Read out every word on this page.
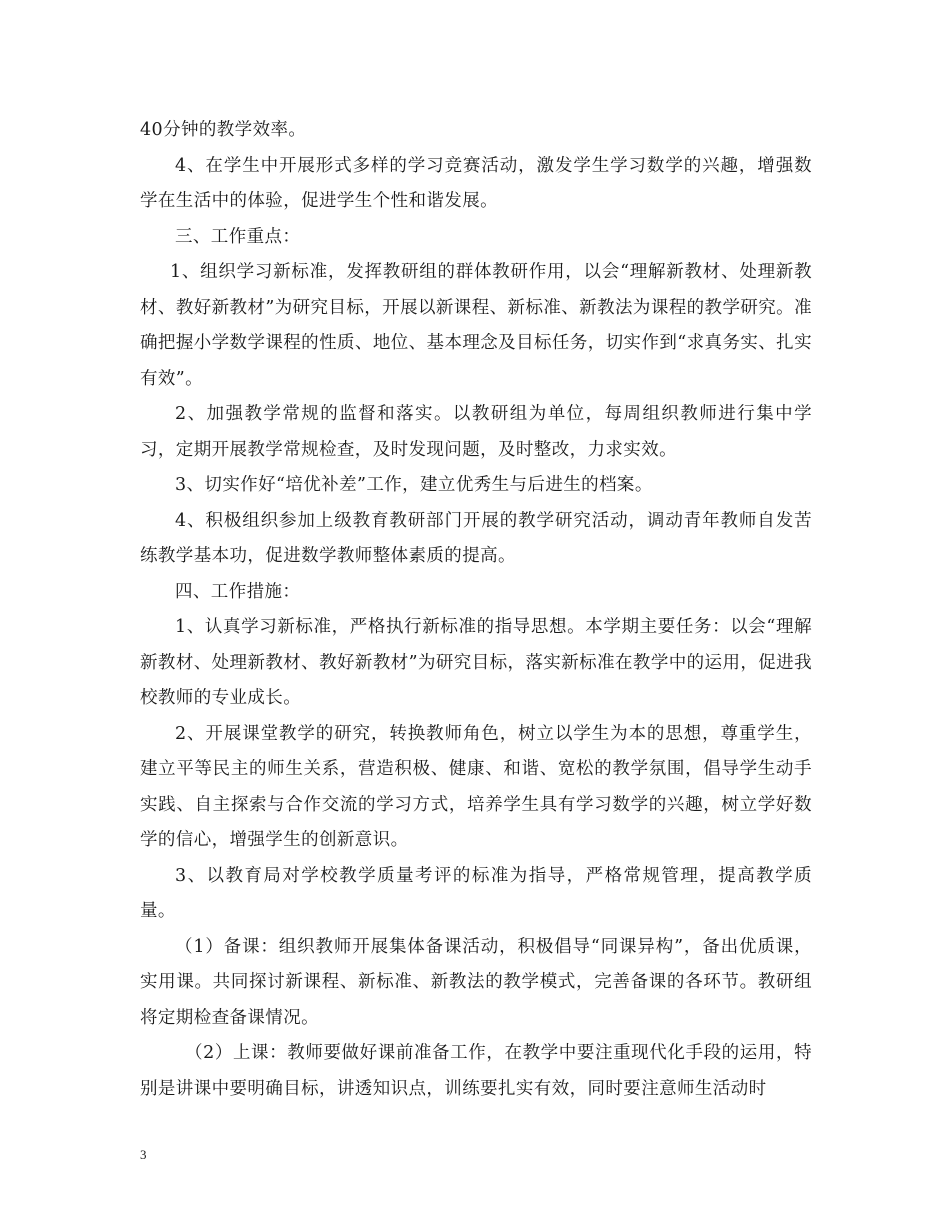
40分钟的教学效率。

4、在学生中开展形式多样的学习竞赛活动，激发学生学习数学的兴趣，增强数学在生活中的体验，促进学生个性和谐发展。

三、工作重点：

1、组织学习新标准，发挥教研组的群体教研作用，以会“理解新教材、处理新教材、教好新教材”为研究目标，开展以新课程、新标准、新教法为课程的教学研究。准确把握小学数学课程的性质、地位、基本理念及目标任务，切实作到“求真务实、扎实有效”。

2、加强教学常规的监督和落实。以教研组为单位，每周组织教师进行集中学习，定期开展教学常规检查，及时发现问题，及时整改，力求实效。

3、切实作好“培优补差”工作，建立优秀生与后进生的档案。

4、积极组织参加上级教育教研部门开展的教学研究活动，调动青年教师自发苦练教学基本功，促进数学教师整体素质的提高。

四、工作措施：

1、认真学习新标准，严格执行新标准的指导思想。本学期主要任务：以会“理解新教材、处理新教材、教好新教材”为研究目标，落实新标准在教学中的运用，促进我校教师的专业成长。

2、开展课堂教学的研究，转换教师角色，树立以学生为本的思想，尊重学生，建立平等民主的师生关系，营造积极、健康、和谐、宽松的教学氛围，倡导学生动手实践、自主探索与合作交流的学习方式，培养学生具有学习数学的兴趣，树立学好数学的信心，增强学生的创新意识。

3、以教育局对学校教学质量考评的标准为指导，严格常规管理，提高教学质量。

（1）备课：组织教师开展集体备课活动，积极倡导“同课异构”，备出优质课，实用课。共同探讨新课程、新标准、新教法的教学模式，完善备课的各环节。教研组将定期检查备课情况。

（2）上课：教师要做好课前准备工作，在教学中要注重现代化手段的运用，特别是讲课中要明确目标，讲透知识点，训练要扎实有效，同时要注意师生活动时

3
